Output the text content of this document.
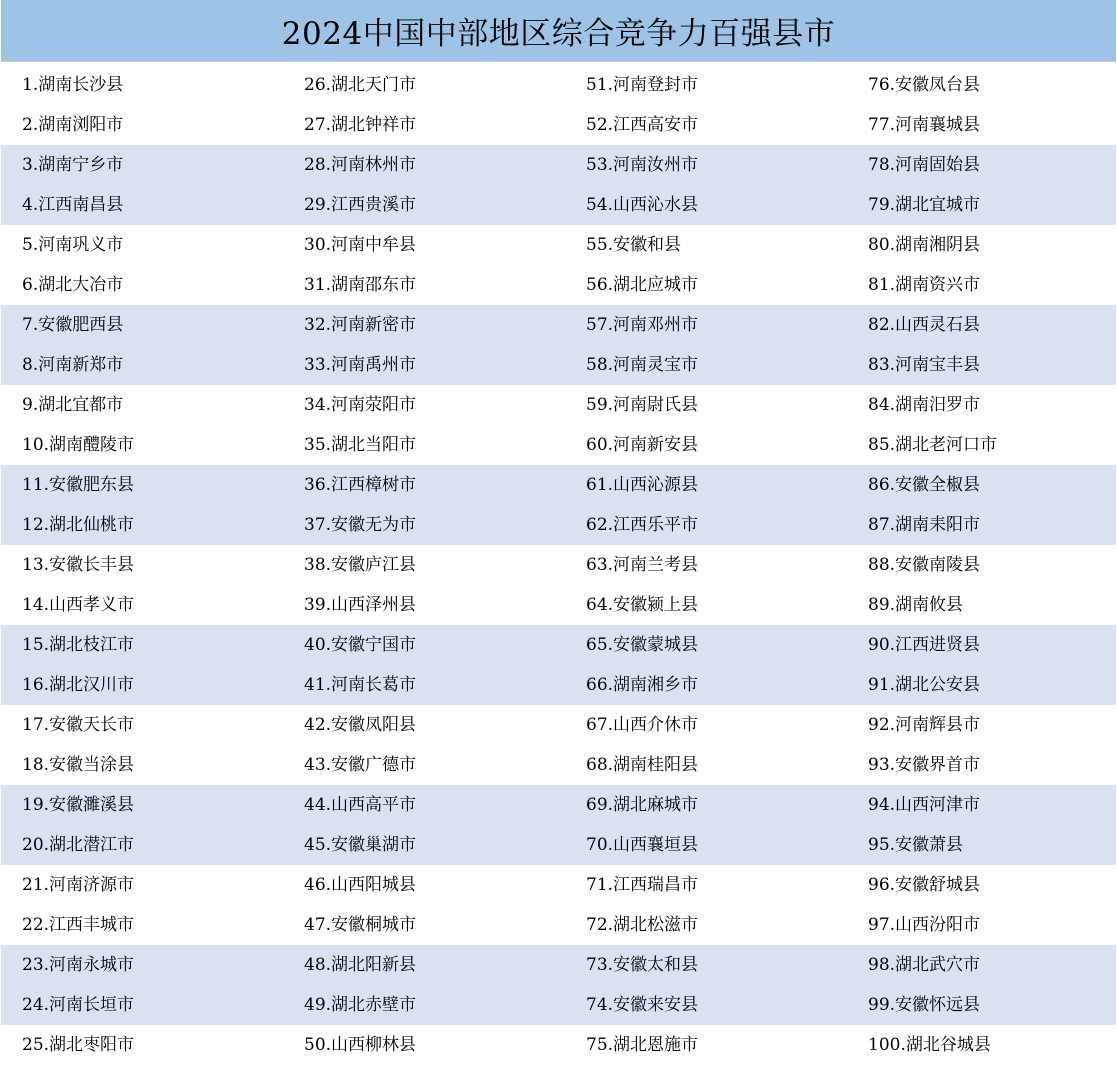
2024中国中部地区综合竞争力百强县市
1.湖南长沙县	26.湖北天门市	51.河南登封市	76.安徽凤台县
2.湖南浏阳市	27.湖北钟祥市	52.江西高安市	77.河南襄城县
3.湖南宁乡市	28.河南林州市	53.河南汝州市	78.河南固始县
4.江西南昌县	29.江西贵溪市	54.山西沁水县	79.湖北宜城市
5.河南巩义市	30.河南中牟县	55.安徽和县	80.湖南湘阴县
6.湖北大冶市	31.湖南邵东市	56.湖北应城市	81.湖南资兴市
7.安徽肥西县	32.河南新密市	57.河南邓州市	82.山西灵石县
8.河南新郑市	33.河南禹州市	58.河南灵宝市	83.河南宝丰县
9.湖北宜都市	34.河南荥阳市	59.河南尉氏县	84.湖南汨罗市
10.湖南醴陵市	35.湖北当阳市	60.河南新安县	85.湖北老河口市
11.安徽肥东县	36.江西樟树市	61.山西沁源县	86.安徽全椒县
12.湖北仙桃市	37.安徽无为市	62.江西乐平市	87.湖南耒阳市
13.安徽长丰县	38.安徽庐江县	63.河南兰考县	88.安徽南陵县
14.山西孝义市	39.山西泽州县	64.安徽颍上县	89.湖南攸县
15.湖北枝江市	40.安徽宁国市	65.安徽蒙城县	90.江西进贤县
16.湖北汉川市	41.河南长葛市	66.湖南湘乡市	91.湖北公安县
17.安徽天长市	42.安徽凤阳县	67.山西介休市	92.河南辉县市
18.安徽当涂县	43.安徽广德市	68.湖南桂阳县	93.安徽界首市
19.安徽濉溪县	44.山西高平市	69.湖北麻城市	94.山西河津市
20.湖北潜江市	45.安徽巢湖市	70.山西襄垣县	95.安徽萧县
21.河南济源市	46.山西阳城县	71.江西瑞昌市	96.安徽舒城县
22.江西丰城市	47.安徽桐城市	72.湖北松滋市	97.山西汾阳市
23.河南永城市	48.湖北阳新县	73.安徽太和县	98.湖北武穴市
24.河南长垣市	49.湖北赤壁市	74.安徽来安县	99.安徽怀远县
25.湖北枣阳市	50.山西柳林县	75.湖北恩施市	100.湖北谷城县
